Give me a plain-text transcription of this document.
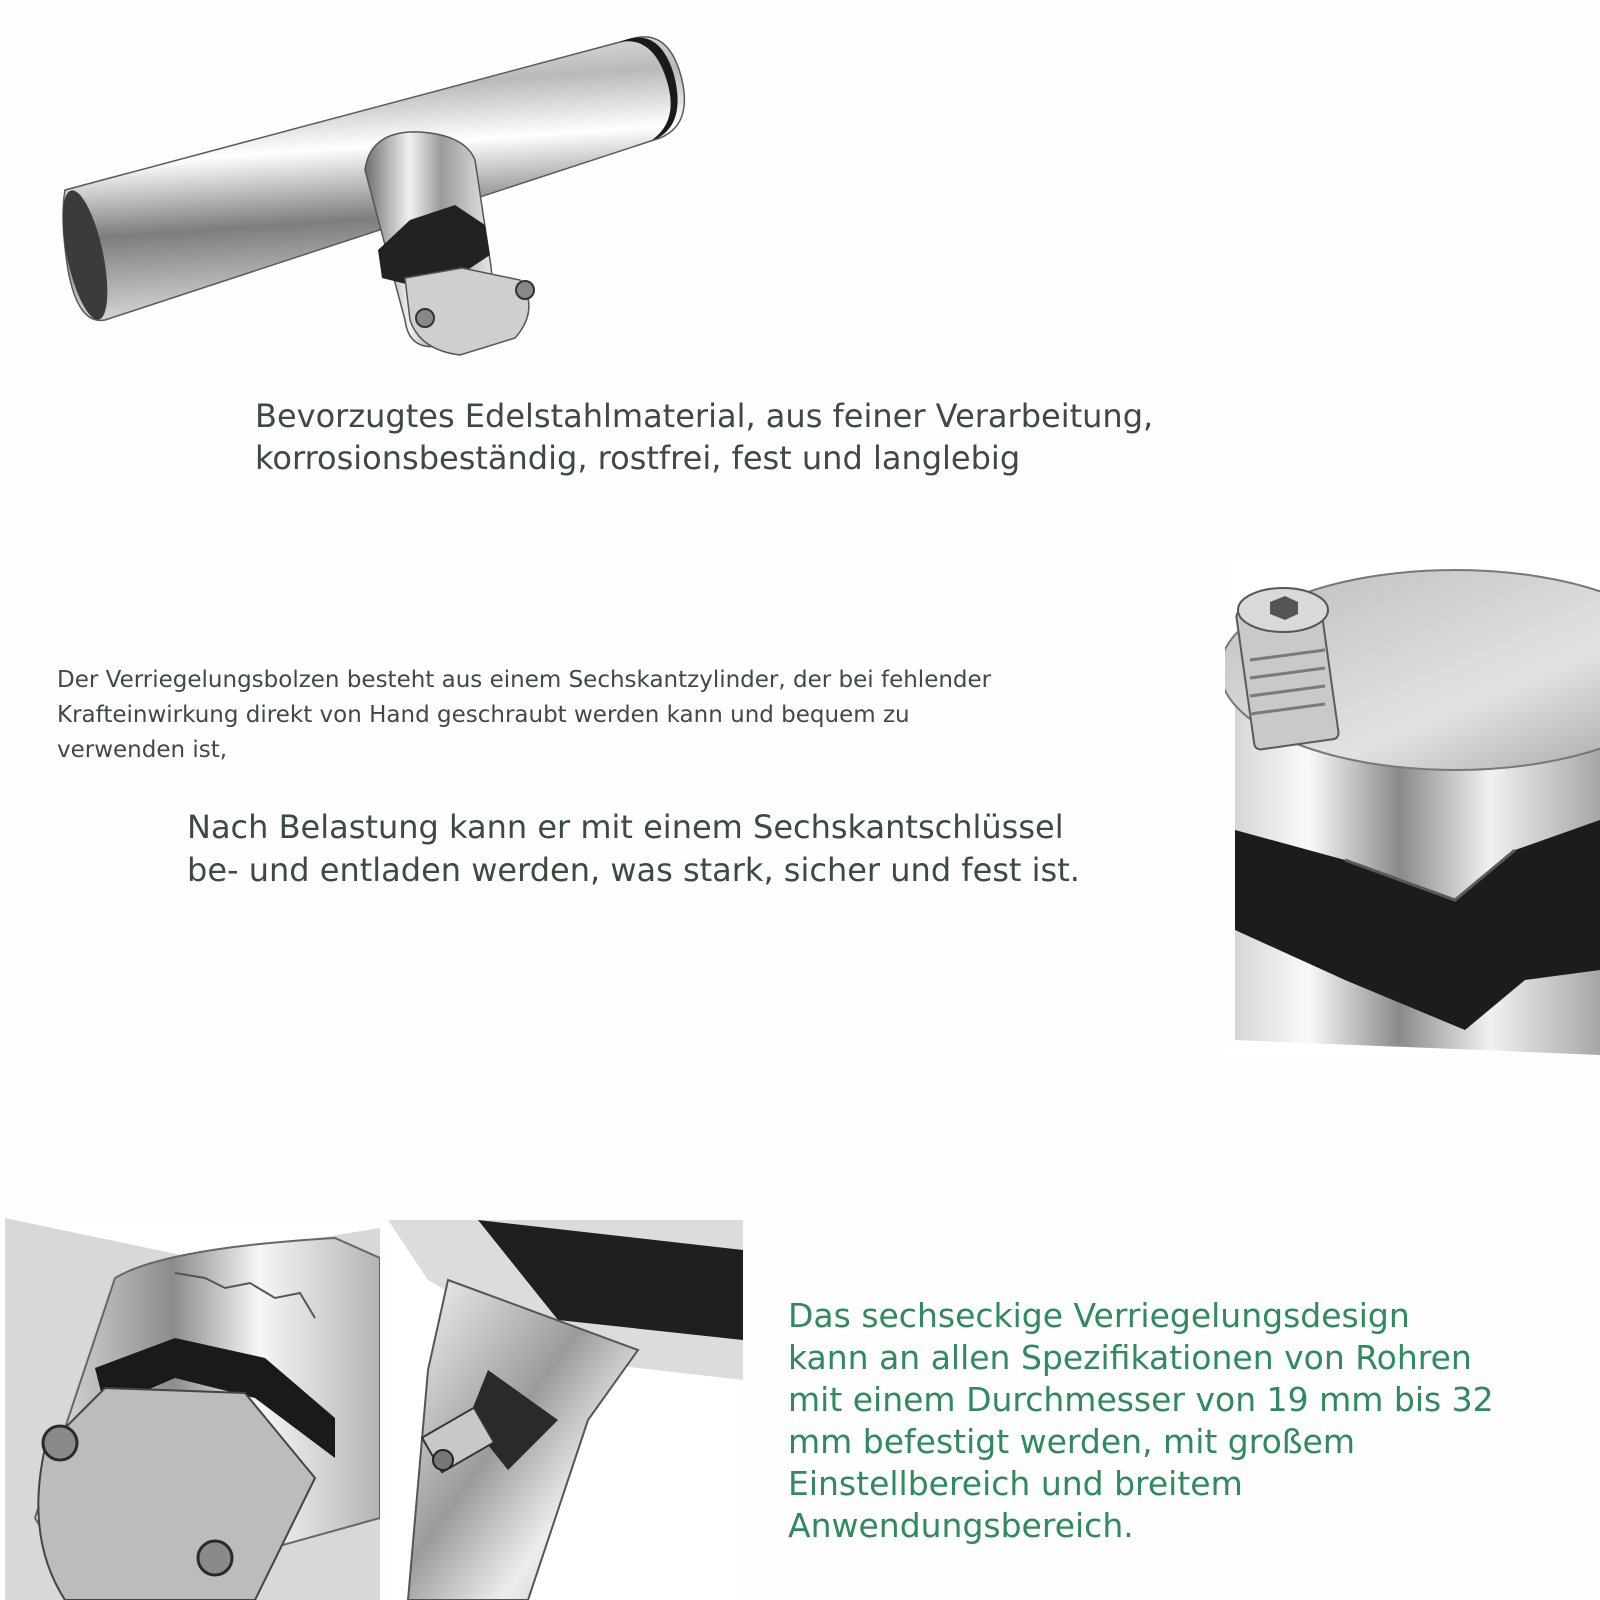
Bevorzugtes Edelstahlmaterial, aus feiner Verarbeitung,
korrosionsbeständig, rostfrei, fest und langlebig

Der Verriegelungsbolzen besteht aus einem Sechskantzylinder, der bei fehlender
Krafteinwirkung direkt von Hand geschraubt werden kann und bequem zu
verwenden ist,

Nach Belastung kann er mit einem Sechskantschlüssel
be- und entladen werden, was stark, sicher und fest ist.

Das sechseckige Verriegelungsdesign
kann an allen Spezifikationen von Rohren
mit einem Durchmesser von 19 mm bis 32
mm befestigt werden, mit großem
Einstellbereich und breitem
Anwendungsbereich.
